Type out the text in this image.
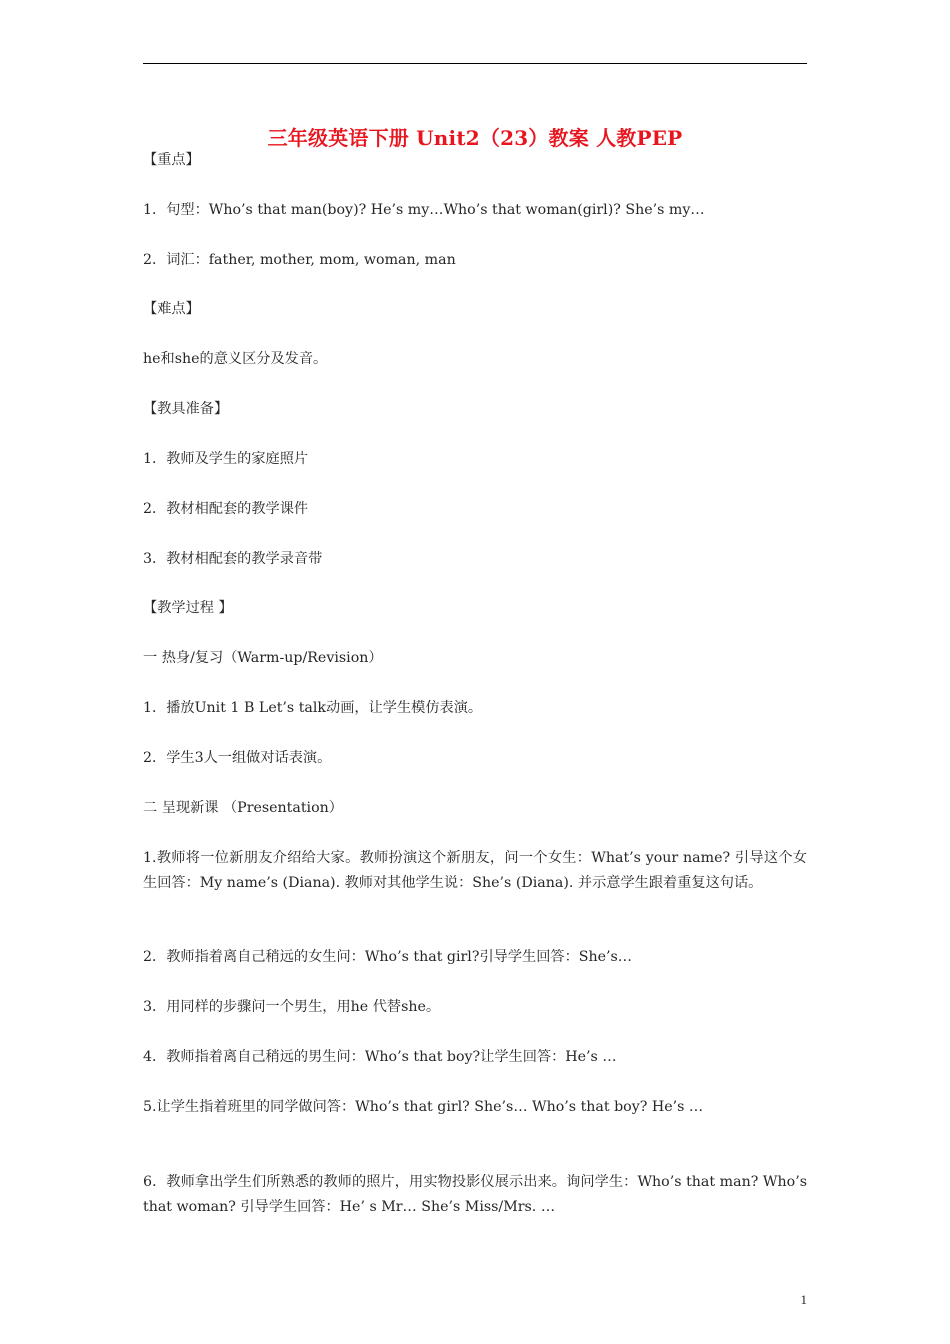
三年级英语下册 Unit2（23）教案 人教PEP
【重点】
1．句型：Who’s that man(boy)? He’s my…Who’s that woman(girl)? She’s my…
2．词汇：father, mother, mom, woman, man
【难点】
he和she的意义区分及发音。
【教具准备】
1．教师及学生的家庭照片
2．教材相配套的教学课件
3．教材相配套的教学录音带
【教学过程 】
一 热身/复习（Warm-up/Revision）
1．播放Unit 1 B Let’s talk动画，让学生模仿表演。
2．学生3人一组做对话表演。
二 呈现新课 （Presentation）
1.教师将一位新朋友介绍给大家。教师扮演这个新朋友，问一个女生：What’s your name? 引导这个女生回答：My name’s (Diana). 教师对其他学生说：She’s (Diana). 并示意学生跟着重复这句话。
2．教师指着离自己稍远的女生问：Who’s that girl?引导学生回答：She’s…
3．用同样的步骤问一个男生，用he 代替she。
4．教师指着离自己稍远的男生问：Who’s that boy?让学生回答：He’s …
5.让学生指着班里的同学做问答：Who’s that girl? She’s… Who’s that boy? He’s …
6．教师拿出学生们所熟悉的教师的照片，用实物投影仪展示出来。询问学生：Who’s that man? Who’s that woman? 引导学生回答：He’ s Mr… She’s Miss/Mrs. …
1
